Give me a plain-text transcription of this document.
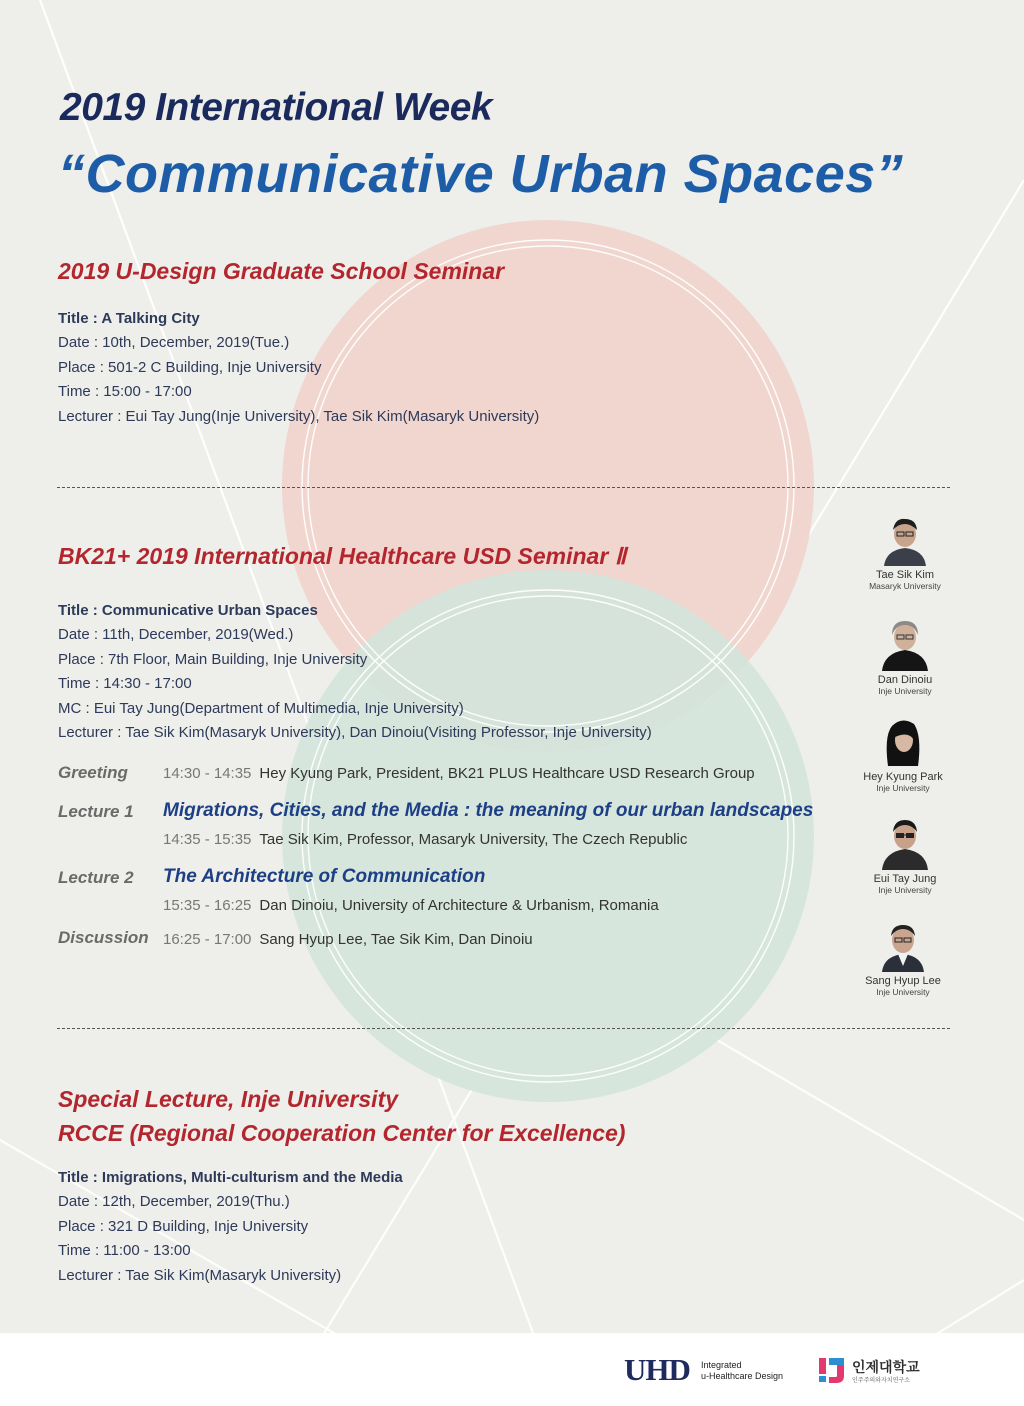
2019 International Week
“Communicative Urban Spaces”
2019 U-Design Graduate School Seminar
Title : A Talking City
Date : 10th, December, 2019(Tue.)
Place : 501-2 C Building, Inje University
Time : 15:00 - 17:00
Lecturer : Eui Tay Jung(Inje University), Tae Sik Kim(Masaryk University)
BK21+ 2019 International Healthcare USD Seminar Ⅱ
Title : Communicative Urban Spaces
Date : 11th, December, 2019(Wed.)
Place : 7th Floor, Main Building, Inje University
Time : 14:30 - 17:00
MC : Eui Tay Jung(Department of Multimedia, Inje University)
Lecturer : Tae Sik Kim(Masaryk University), Dan Dinoiu(Visiting Professor, Inje University)
Greeting 14:30 - 14:35 Hey Kyung Park, President, BK21 PLUS Healthcare USD Research Group
Lecture 1 Migrations, Cities, and the Media : the meaning of our urban landscapes
14:35 - 15:35 Tae Sik Kim, Professor, Masaryk University, The Czech Republic
Lecture 2 The Architecture of Communication
15:35 - 16:25 Dan Dinoiu, University of Architecture & Urbanism, Romania
Discussion 16:25 - 17:00 Sang Hyup Lee, Tae Sik Kim, Dan Dinoiu
Tae Sik Kim
Masaryk University
Dan Dinoiu
Inje University
Hey Kyung Park
Inje University
Eui Tay Jung
Inje University
Sang Hyup Lee
Inje University
Special Lecture, Inje University
RCCE (Regional Cooperation Center for Excellence)
Title : Imigrations, Multi-culturism and the Media
Date : 12th, December, 2019(Thu.)
Place : 321 D Building, Inje University
Time : 11:00 - 13:00
Lecturer : Tae Sik Kim(Masaryk University)
UHD Integrated
u-Healthcare Design
인제대학교
인주주의와자치연구소
